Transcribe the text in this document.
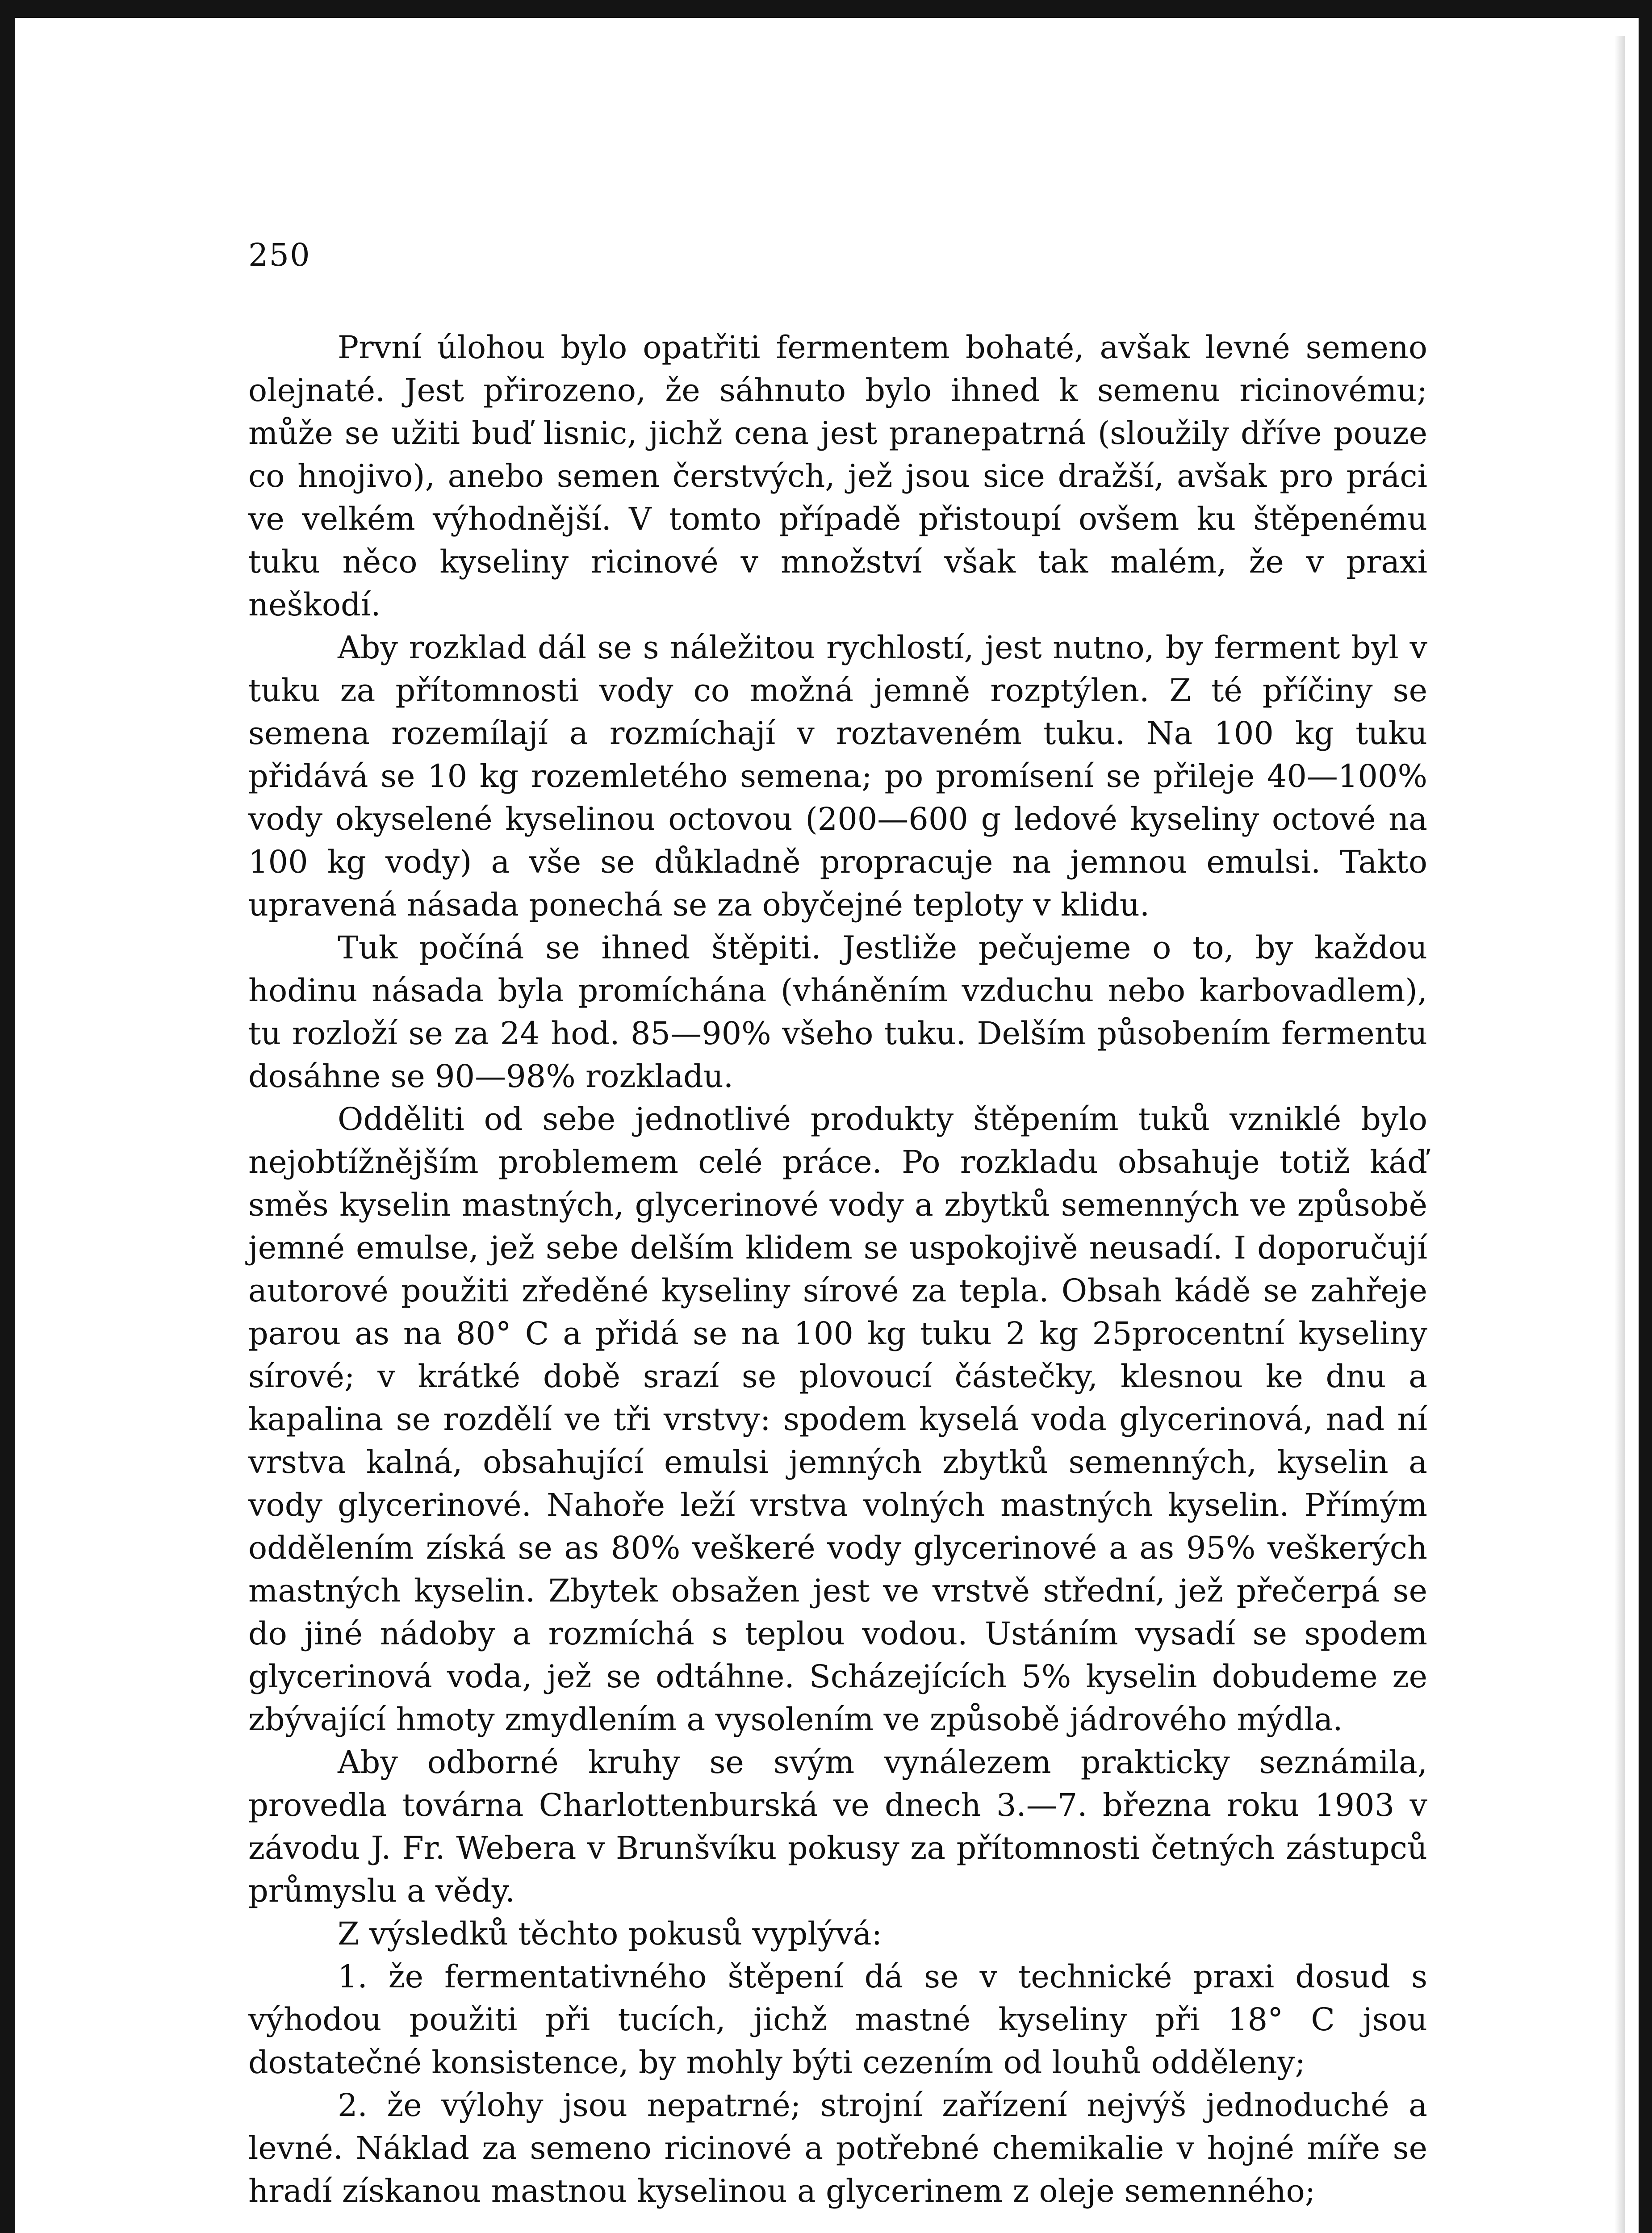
250

První úlohou bylo opatřiti fermentem bohaté, avšak levné semeno olejnaté. Jest přirozeno, že sáhnuto bylo ihned k semenu ricinovému; může se užiti buď lisnic, jichž cena jest pranepatrná (sloužily dříve pouze co hnojivo), anebo semen čerstvých, jež jsou sice dražší, avšak pro práci ve velkém výhodnější. V tomto případě přistoupí ovšem ku štěpenému tuku něco kyseliny ricinové v množství však tak malém, že v praxi neškodí.

Aby rozklad dál se s náležitou rychlostí, jest nutno, by ferment byl v tuku za přítomnosti vody co možná jemně rozptýlen. Z té příčiny se semena rozemílají a rozmíchají v roztaveném tuku. Na 100 kg tuku přidává se 10 kg rozemletého semena; po promísení se přileje 40—100% vody okyselené kyselinou octovou (200—600 g ledové kyseliny octové na 100 kg vody) a vše se důkladně propracuje na jemnou emulsi. Takto upravená násada ponechá se za obyčejné teploty v klidu.

Tuk počíná se ihned štěpiti. Jestliže pečujeme o to, by každou hodinu násada byla promíchána (vháněním vzduchu nebo karbovadlem), tu rozloží se za 24 hod. 85—90% všeho tuku. Delším působením fermentu dosáhne se 90—98% rozkladu.

Odděliti od sebe jednotlivé produkty štěpením tuků vzniklé bylo nejobtížnějším problemem celé práce. Po rozkladu obsahuje totiž káď směs kyselin mastných, glycerinové vody a zbytků semenných ve způsobě jemné emulse, jež sebe delším klidem se uspokojivě neusadí. I doporučují autorové použiti zředěné kyseliny sírové za tepla. Obsah kádě se zahřeje parou as na 80° C a přidá se na 100 kg tuku 2 kg 25procentní kyseliny sírové; v krátké době srazí se plovoucí částečky, klesnou ke dnu a kapalina se rozdělí ve tři vrstvy: spodem kyselá voda glycerinová, nad ní vrstva kalná, obsahující emulsi jemných zbytků semenných, kyselin a vody glycerinové. Nahoře leží vrstva volných mastných kyselin. Přímým oddělením získá se as 80% veškeré vody glycerinové a as 95% veškerých mastných kyselin. Zbytek obsažen jest ve vrstvě střední, jež přečerpá se do jiné nádoby a rozmíchá s teplou vodou. Ustáním vysadí se spodem glycerinová voda, jež se odtáhne. Scházejících 5% kyselin dobudeme ze zbývající hmoty zmydlením a vysolením ve způsobě jádrového mýdla.

Aby odborné kruhy se svým vynálezem prakticky seznámila, provedla továrna Charlottenburská ve dnech 3.—7. března roku 1903 v závodu J. Fr. Webera v Brunšvíku pokusy za přítomnosti četných zástupců průmyslu a vědy.

Z výsledků těchto pokusů vyplývá:

1. že fermentativného štěpení dá se v technické praxi dosud s výhodou použiti při tucích, jichž mastné kyseliny při 18° C jsou dostatečné konsistence, by mohly býti cezením od louhů odděleny;

2. že výlohy jsou nepatrné; strojní zařízení nejvýš jednoduché a levné. Náklad za semeno ricinové a potřebné chemikalie v hojné míře se hradí získanou mastnou kyselinou a glycerinem z oleje semenného;
